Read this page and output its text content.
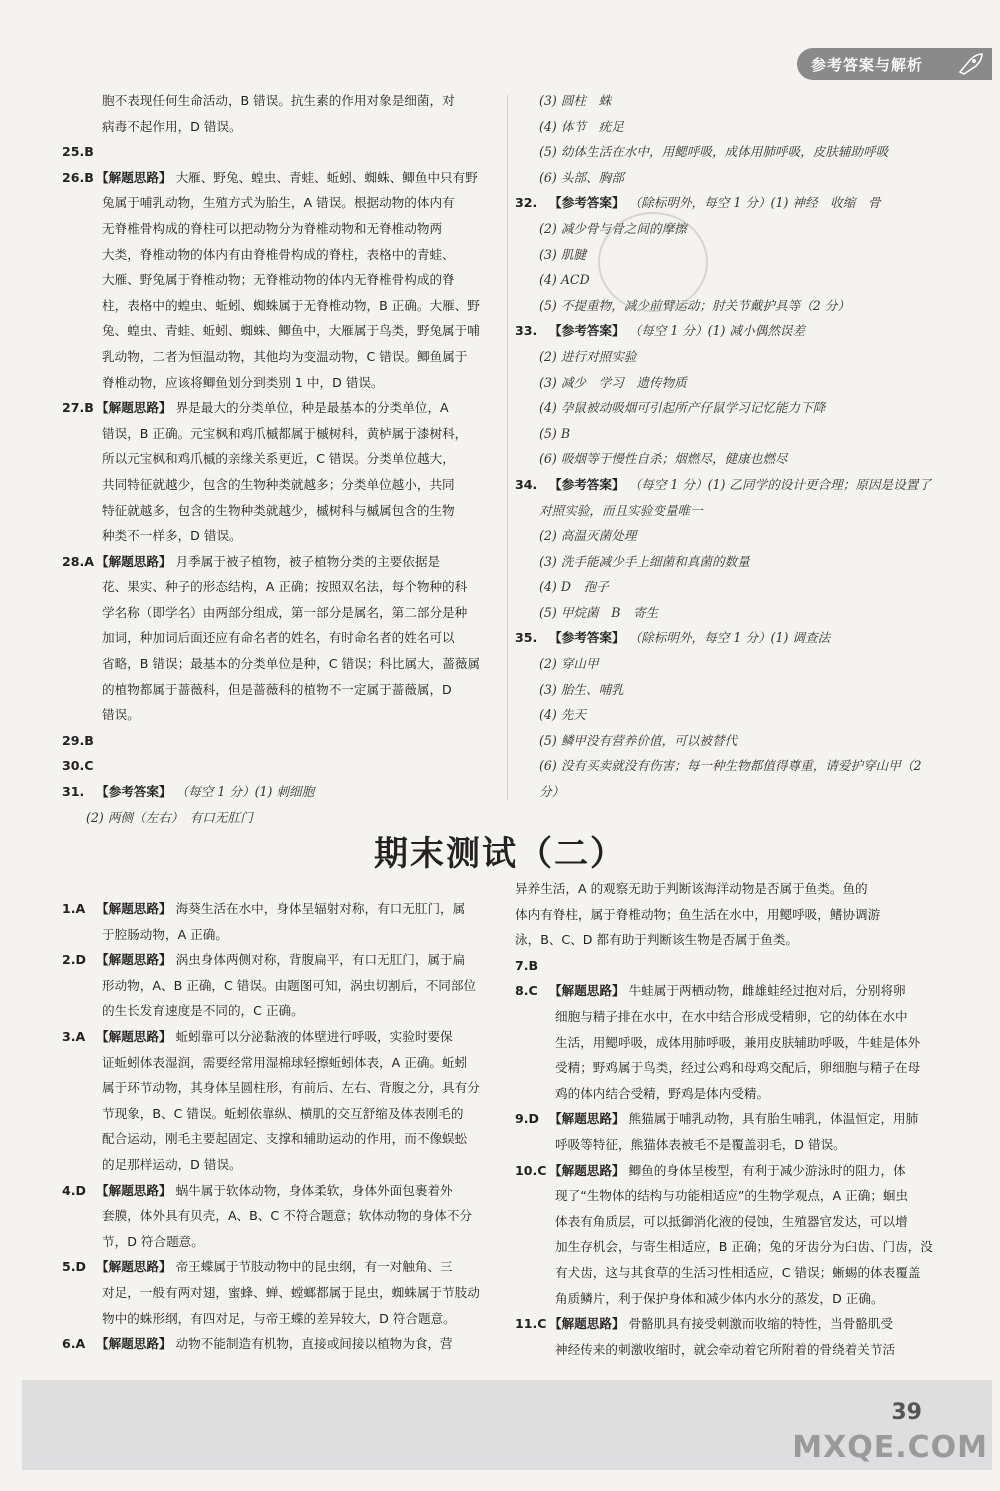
参考答案与解析
胞不表现任何生命活动，B 错误。抗生素的作用对象是细菌，对
病毒不起作用，D 错误。
25.B
26.B 【解题思路】 大雁、野兔、蝗虫、青蛙、蚯蚓、蜘蛛、鲫鱼中只有野
兔属于哺乳动物，生殖方式为胎生，A 错误。根据动物的体内有
无脊椎骨构成的脊柱可以把动物分为脊椎动物和无脊椎动物两
大类，脊椎动物的体内有由脊椎骨构成的脊柱，表格中的青蛙、
大雁、野兔属于脊椎动物；无脊椎动物的体内无脊椎骨构成的脊
柱，表格中的蝗虫、蚯蚓、蜘蛛属于无脊椎动物，B 正确。大雁、野
兔、蝗虫、青蛙、蚯蚓、蜘蛛、鲫鱼中，大雁属于鸟类，野兔属于哺
乳动物，二者为恒温动物，其他均为变温动物，C 错误。鲫鱼属于
脊椎动物，应该将鲫鱼划分到类别 1 中，D 错误。
27.B 【解题思路】 界是最大的分类单位，种是最基本的分类单位，A
错误，B 正确。元宝枫和鸡爪槭都属于槭树科，黄栌属于漆树科，
所以元宝枫和鸡爪槭的亲缘关系更近，C 错误。分类单位越大，
共同特征就越少，包含的生物种类就越多；分类单位越小，共同
特征就越多，包含的生物种类就越少，槭树科与槭属包含的生物
种类不一样多，D 错误。
28.A 【解题思路】 月季属于被子植物，被子植物分类的主要依据是
花、果实、种子的形态结构，A 正确；按照双名法，每个物种的科
学名称（即学名）由两部分组成，第一部分是属名，第二部分是种
加词，种加词后面还应有命名者的姓名，有时命名者的姓名可以
省略，B 错误；最基本的分类单位是种，C 错误；科比属大，蔷薇属
的植物都属于蔷薇科，但是蔷薇科的植物不一定属于蔷薇属，D
错误。
29.B
30.C
31. 【参考答案】 （每空 1 分）(1) 刺细胞
(2) 两侧（左右）　有口无肛门
(3) 圆柱　蛛
(4) 体节　疣足
(5) 幼体生活在水中，用鳃呼吸，成体用肺呼吸，皮肤辅助呼吸
(6) 头部、胸部
32. 【参考答案】 （除标明外，每空 1 分）(1) 神经　收缩　骨
(2) 减少骨与骨之间的摩擦
(3) 肌腱
(4) ACD
(5) 不提重物，减少前臂运动；肘关节戴护具等（2 分）
33. 【参考答案】 （每空 1 分）(1) 减小偶然误差
(2) 进行对照实验
(3) 减少　学习　遗传物质
(4) 孕鼠被动吸烟可引起所产仔鼠学习记忆能力下降
(5) B
(6) 吸烟等于慢性自杀；烟燃尽，健康也燃尽
34. 【参考答案】 （每空 1 分）(1) 乙同学的设计更合理；原因是设置了
对照实验，而且实验变量唯一
(2) 高温灭菌处理
(3) 洗手能减少手上细菌和真菌的数量
(4) D　孢子
(5) 甲烷菌　B　寄生
35. 【参考答案】 （除标明外，每空 1 分）(1) 调查法
(2) 穿山甲
(3) 胎生、哺乳
(4) 先天
(5) 鳞甲没有营养价值，可以被替代
(6) 没有买卖就没有伤害；每一种生物都值得尊重，请爱护穿山甲（2
分）
期末测试（二）
1.A 【解题思路】 海葵生活在水中，身体呈辐射对称，有口无肛门，属
于腔肠动物，A 正确。
2.D 【解题思路】 涡虫身体两侧对称，背腹扁平，有口无肛门，属于扁
形动物，A、B 正确，C 错误。由题图可知，涡虫切割后，不同部位
的生长发育速度是不同的，C 正确。
3.A 【解题思路】 蚯蚓靠可以分泌黏液的体壁进行呼吸，实验时要保
证蚯蚓体表湿润，需要经常用湿棉球轻擦蚯蚓体表，A 正确。蚯蚓
属于环节动物，其身体呈圆柱形，有前后、左右、背腹之分，具有分
节现象，B、C 错误。蚯蚓依靠纵、横肌的交互舒缩及体表刚毛的
配合运动，刚毛主要起固定、支撑和辅助运动的作用，而不像蜈蚣
的足那样运动，D 错误。
4.D 【解题思路】 蜗牛属于软体动物，身体柔软，身体外面包裹着外
套膜，体外具有贝壳，A、B、C 不符合题意；软体动物的身体不分
节，D 符合题意。
5.D 【解题思路】 帝王蝶属于节肢动物中的昆虫纲，有一对触角、三
对足，一般有两对翅，蜜蜂、蝉、螳螂都属于昆虫，蜘蛛属于节肢动
物中的蛛形纲，有四对足，与帝王蝶的差异较大，D 符合题意。
6.A 【解题思路】 动物不能制造有机物，直接或间接以植物为食，营
异养生活，A 的观察无助于判断该海洋动物是否属于鱼类。鱼的
体内有脊柱，属于脊椎动物；鱼生活在水中，用鳃呼吸，鳍协调游
泳，B、C、D 都有助于判断该生物是否属于鱼类。
7.B
8.C 【解题思路】 牛蛙属于两栖动物，雌雄蛙经过抱对后，分别将卵
细胞与精子排在水中，在水中结合形成受精卵，它的幼体在水中
生活，用鳃呼吸，成体用肺呼吸，兼用皮肤辅助呼吸，牛蛙是体外
受精；野鸡属于鸟类，经过公鸡和母鸡交配后，卵细胞与精子在母
鸡的体内结合受精，野鸡是体内受精。
9.D 【解题思路】 熊猫属于哺乳动物，具有胎生哺乳，体温恒定，用肺
呼吸等特征，熊猫体表被毛不是覆盖羽毛，D 错误。
10.C 【解题思路】 鲫鱼的身体呈梭型，有利于减少游泳时的阻力，体
现了“生物体的结构与功能相适应”的生物学观点，A 正确；蛔虫
体表有角质层，可以抵御消化液的侵蚀，生殖器官发达，可以增
加生存机会，与寄生相适应，B 正确；兔的牙齿分为臼齿、门齿，没
有犬齿，这与其食草的生活习性相适应，C 错误；蜥蜴的体表覆盖
角质鳞片，利于保护身体和减少体内水分的蒸发，D 正确。
11.C 【解题思路】 骨骼肌具有接受刺激而收缩的特性，当骨骼肌受
神经传来的刺激收缩时，就会牵动着它所附着的骨绕着关节活
39
MXQE.COM
